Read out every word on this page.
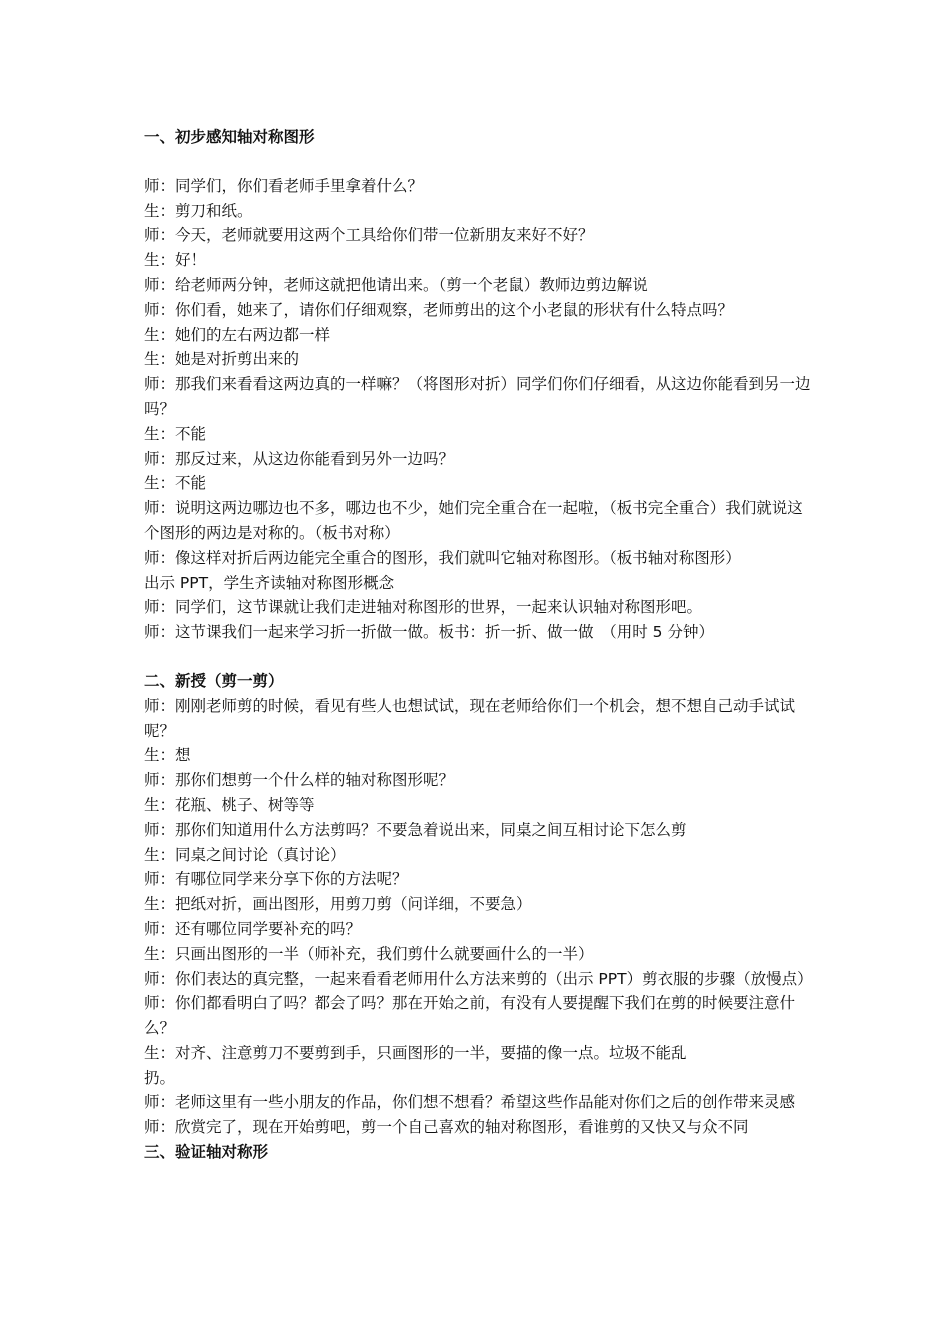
一、初步感知轴对称图形
师：同学们，你们看老师手里拿着什么？
生：剪刀和纸。
师：今天，老师就要用这两个工具给你们带一位新朋友来好不好？
生：好！
师：给老师两分钟，老师这就把他请出来。（剪一个老鼠）教师边剪边解说
师：你们看，她来了，请你们仔细观察，老师剪出的这个小老鼠的形状有什么特点吗？
生：她们的左右两边都一样
生：她是对折剪出来的
师：那我们来看看这两边真的一样嘛？（将图形对折）同学们你们仔细看，从这边你能看到另一边吗？
生：不能
师：那反过来，从这边你能看到另外一边吗？
生：不能
师：说明这两边哪边也不多，哪边也不少，她们完全重合在一起啦，（板书完全重合）我们就说这个图形的两边是对称的。（板书对称）
师：像这样对折后两边能完全重合的图形，我们就叫它轴对称图形。（板书轴对称图形）
出示 PPT，学生齐读轴对称图形概念
师：同学们，这节课就让我们走进轴对称图形的世界，一起来认识轴对称图形吧。
师：这节课我们一起来学习折一折做一做。板书：折一折、做一做　（用时 5 分钟）
二、新授（剪一剪）
师：刚刚老师剪的时候，看见有些人也想试试，现在老师给你们一个机会，想不想自己动手试试呢？
生：想
师：那你们想剪一个什么样的轴对称图形呢？
生：花瓶、桃子、树等等
师：那你们知道用什么方法剪吗？不要急着说出来，同桌之间互相讨论下怎么剪
生：同桌之间讨论（真讨论）
师：有哪位同学来分享下你的方法呢？
生：把纸对折，画出图形，用剪刀剪（问详细，不要急）
师：还有哪位同学要补充的吗？
生：只画出图形的一半（师补充，我们剪什么就要画什么的一半）
师：你们表达的真完整，一起来看看老师用什么方法来剪的（出示 PPT）剪衣服的步骤（放慢点）
师：你们都看明白了吗？都会了吗？那在开始之前，有没有人要提醒下我们在剪的时候要注意什么？
生：对齐、注意剪刀不要剪到手，只画图形的一半，要描的像一点。垃圾不能乱
扔。
师：老师这里有一些小朋友的作品，你们想不想看？希望这些作品能对你们之后的创作带来灵感
师：欣赏完了，现在开始剪吧，剪一个自己喜欢的轴对称图形，看谁剪的又快又与众不同
三、验证轴对称形
